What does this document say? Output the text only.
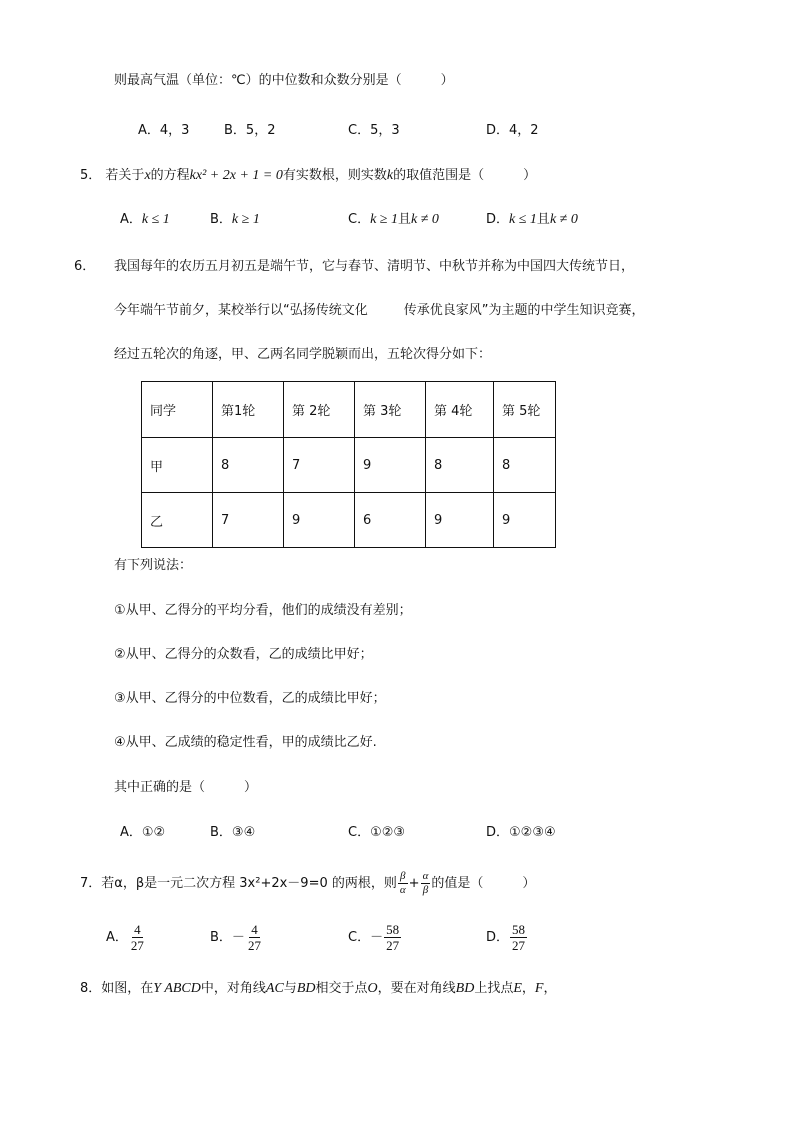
则最高气温（单位：℃）的中位数和众数分别是（　　　）
A．4，3	B．5，2	C．5，3	D．4，2
5． 若关于x的方程kx² + 2x + 1 = 0有实数根，则实数k的取值范围是（　　　）
A．k ≤ 1	B．k ≥ 1	C．k ≥ 1且k ≠ 0	D．k ≤ 1且k ≠ 0
6． 我国每年的农历五月初五是端午节，它与春节、清明节、中秋节并称为中国四大传统节日，
今年端午节前夕，某校举行以“弘扬传统文化	传承优良家风”为主题的中学生知识竞赛，
经过五轮次的角逐，甲、乙两名同学脱颖而出，五轮次得分如下：
同学	第1轮	第 2轮	第 3轮	第 4轮	第 5轮
甲	8	7	9	8	8
乙	7	9	6	9	9
有下列说法：
①从甲、乙得分的平均分看，他们的成绩没有差别；
②从甲、乙得分的众数看，乙的成绩比甲好；
③从甲、乙得分的中位数看，乙的成绩比甲好；
④从甲、乙成绩的稳定性看，甲的成绩比乙好.
其中正确的是（　　　）
A．①②	B．③④	C．①②③	D．①②③④
7．若α，β是一元二次方程 3x²+2x－9=0 的两根，则 $\frac{\beta}{\alpha} + \frac{\alpha}{\beta}$ 的值是（　　　）
A． $\frac{4}{27}$	B．－ $\frac{4}{27}$	C．－ $\frac{58}{27}$	D． $\frac{58}{27}$
8．如图，在Y ABCD中，对角线AC与BD相交于点O，要在对角线BD上找点E，F，
